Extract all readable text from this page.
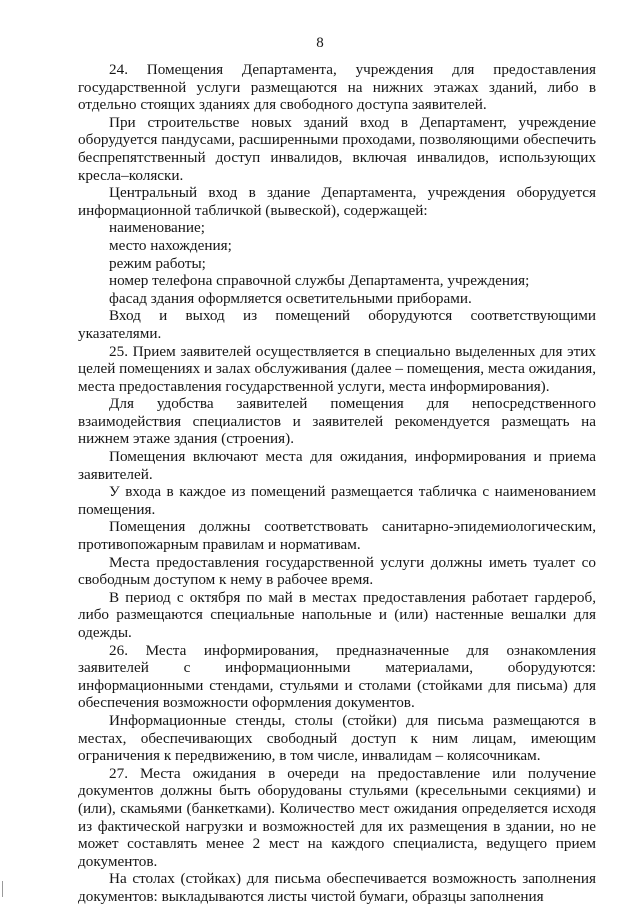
8

24. Помещения Департамента, учреждения для предоставления государственной услуги размещаются на нижних этажах зданий, либо в отдельно стоящих зданиях для свободного доступа заявителей.

При строительстве новых зданий вход в Департамент, учреждение оборудуется пандусами, расширенными проходами, позволяющими обеспечить беспрепятственный доступ инвалидов, включая инвалидов, использующих кресла–коляски.

Центральный вход в здание Департамента, учреждения оборудуется информационной табличкой (вывеской), содержащей:

наименование;

место нахождения;

режим работы;

номер телефона справочной службы Департамента, учреждения;

фасад здания оформляется осветительными приборами.

Вход и выход из помещений оборудуются соответствующими указателями.

25. Прием заявителей осуществляется в специально выделенных для этих целей помещениях и залах обслуживания (далее – помещения, места ожидания, места предоставления государственной услуги, места информирования).

Для удобства заявителей помещения для непосредственного взаимодействия специалистов и заявителей рекомендуется размещать на нижнем этаже здания (строения).

Помещения включают места для ожидания, информирования и приема заявителей.

У входа в каждое из помещений размещается табличка с наименованием помещения.

Помещения должны соответствовать санитарно-эпидемиологическим, противопожарным правилам и нормативам.

Места предоставления государственной услуги должны иметь туалет со свободным доступом к нему в рабочее время.

В период с октября по май в местах предоставления работает гардероб, либо размещаются специальные напольные и (или) настенные вешалки для одежды.

26. Места информирования, предназначенные для ознакомления заявителей с информационными материалами, оборудуются: информационными стендами, стульями и столами (стойками для письма) для обеспечения возможности оформления документов.

Информационные стенды, столы (стойки) для письма размещаются в местах, обеспечивающих свободный доступ к ним лицам, имеющим ограничения к передвижению, в том числе, инвалидам – колясочникам.

27. Места ожидания в очереди на предоставление или получение документов должны быть оборудованы стульями (кресельными секциями) и (или), скамьями (банкетками). Количество мест ожидания определяется исходя из фактической нагрузки и возможностей для их размещения в здании, но не может составлять менее 2 мест на каждого специалиста, ведущего прием документов.

На столах (стойках) для письма обеспечивается возможность заполнения документов: выкладываются листы чистой бумаги, образцы заполнения
